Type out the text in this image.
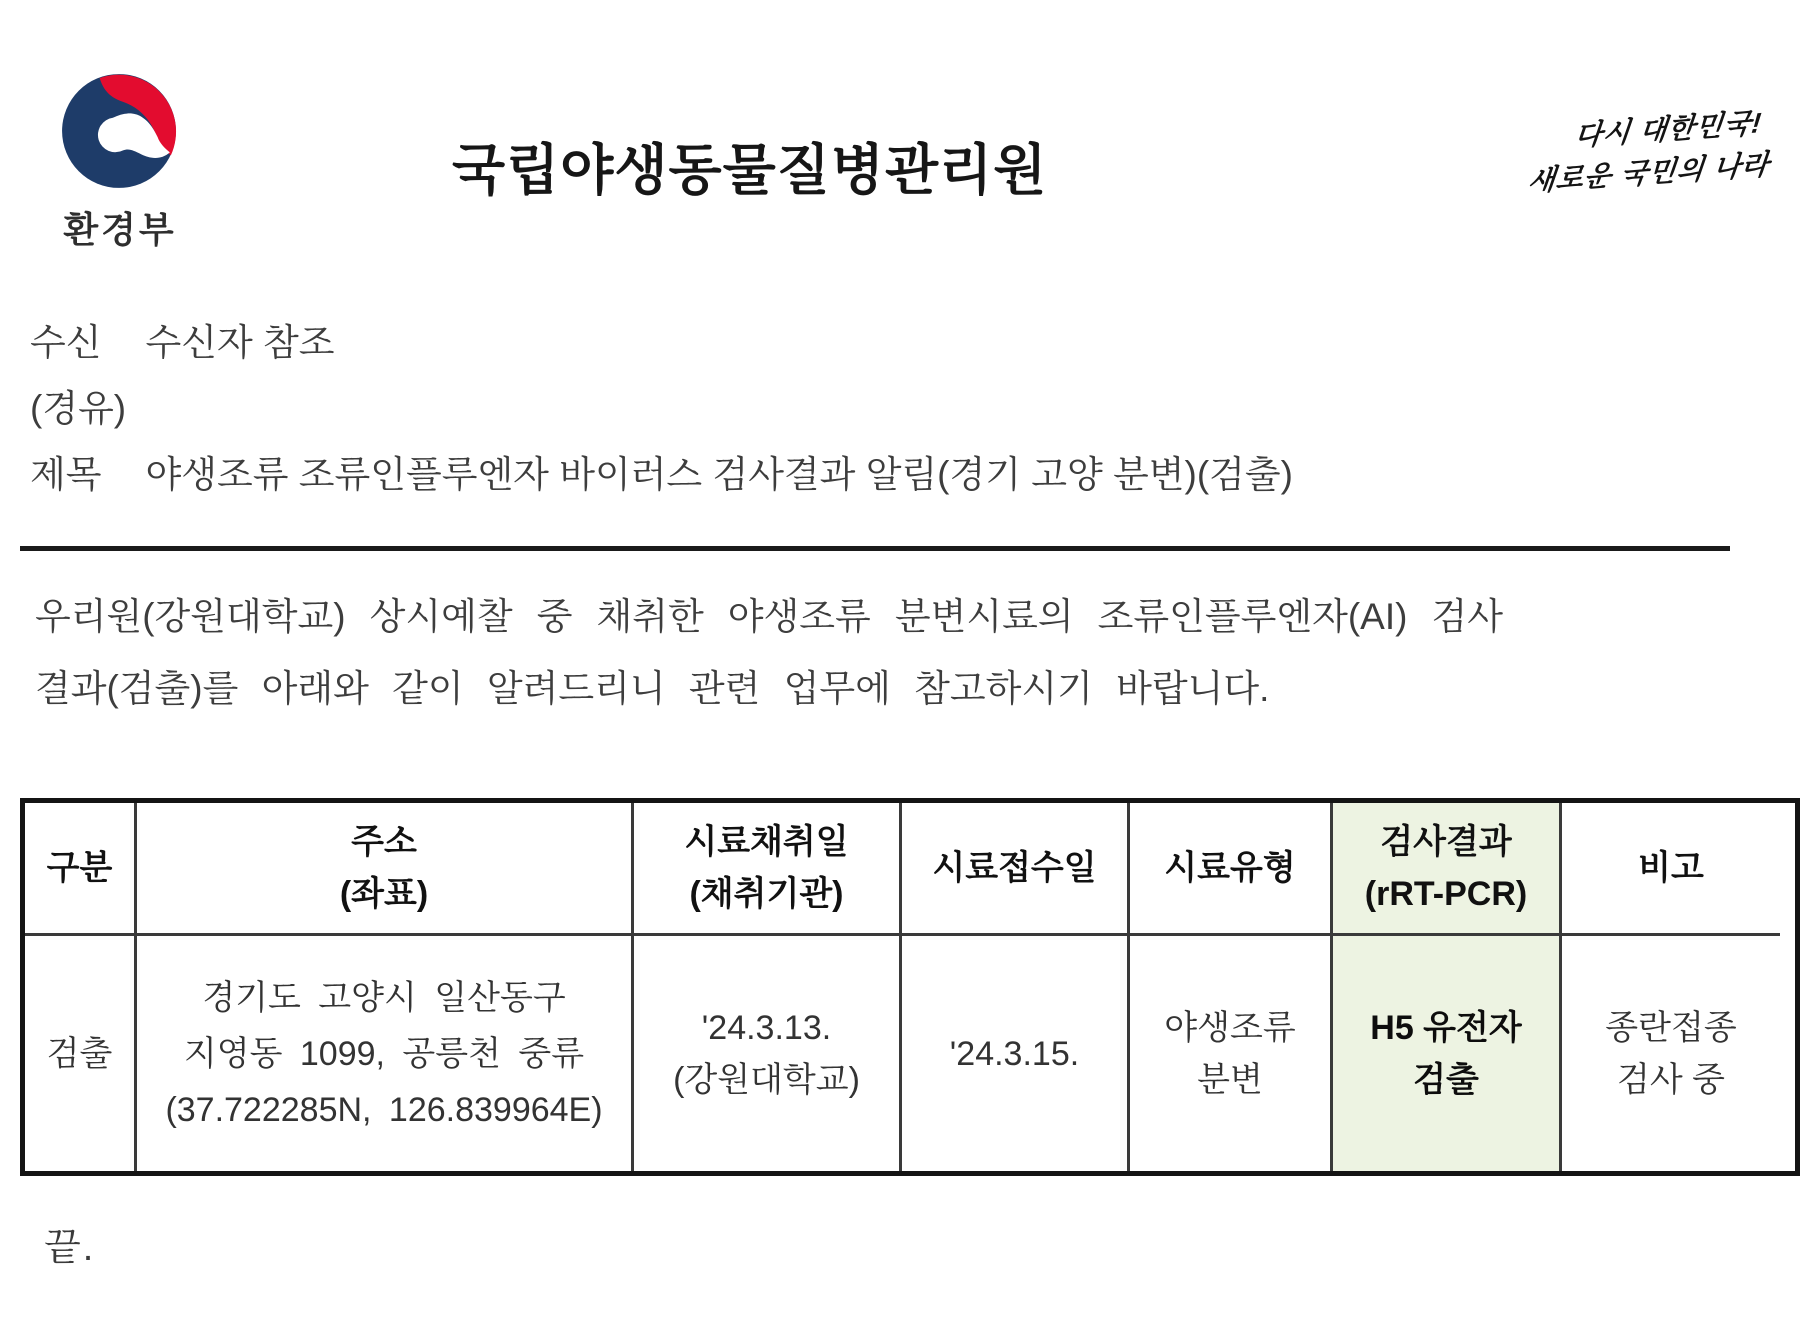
환경부
국립야생동물질병관리원
다시 대한민국!
새로운 국민의 나라
수신 수신자 참조
(경유)
제목 야생조류 조류인플루엔자 바이러스 검사결과 알림(경기 고양 분변)(검출)
우리원(강원대학교) 상시예찰 중 채취한 야생조류 분변시료의 조류인플루엔자(AI) 검사
결과(검출)를 아래와 같이 알려드리니 관련 업무에 참고하시기 바랍니다.
구분
주소
(좌표)
시료채취일
(채취기관)
시료접수일 시료유형
검사결과
(rRT-PCR)
비고
검출
경기도 고양시 일산동구
지영동 1099, 공릉천 중류
(37.722285N, 126.839964E)
'24.3.13.
(강원대학교)
'24.3.15.
야생조류
분변
H5 유전자
검출
종란접종
검사 중
끝.
